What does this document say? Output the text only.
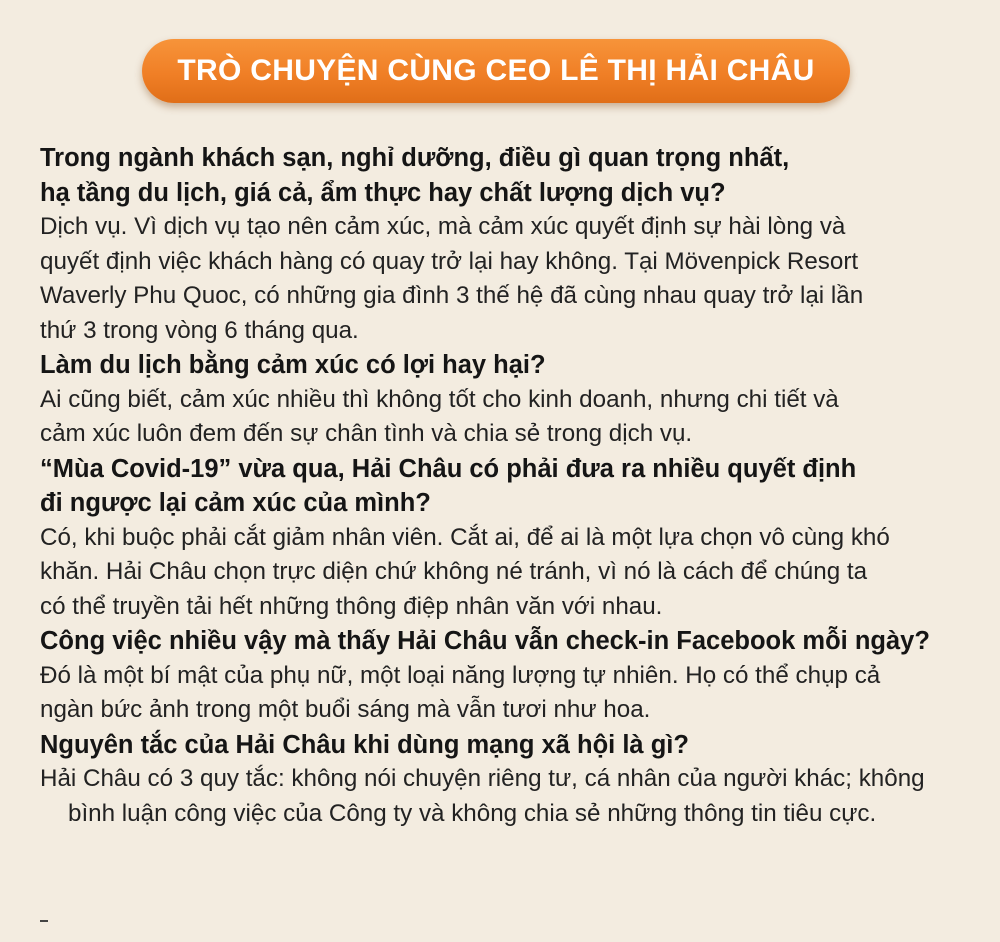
TRÒ CHUYỆN CÙNG CEO LÊ THỊ HẢI CHÂU
Trong ngành khách sạn, nghỉ dưỡng, điều gì quan trọng nhất,
hạ tầng du lịch, giá cả, ẩm thực hay chất lượng dịch vụ?
Dịch vụ. Vì dịch vụ tạo nên cảm xúc, mà cảm xúc quyết định sự hài lòng và
quyết định việc khách hàng có quay trở lại hay không. Tại Mövenpick Resort
Waverly Phu Quoc, có những gia đình 3 thế hệ đã cùng nhau quay trở lại lần
thứ 3 trong vòng 6 tháng qua.
Làm du lịch bằng cảm xúc có lợi hay hại?
Ai cũng biết, cảm xúc nhiều thì không tốt cho kinh doanh, nhưng chi tiết và
cảm xúc luôn đem đến sự chân tình và chia sẻ trong dịch vụ.
“Mùa Covid-19” vừa qua, Hải Châu có phải đưa ra nhiều quyết định
đi ngược lại cảm xúc của mình?
Có, khi buộc phải cắt giảm nhân viên. Cắt ai, để ai là một lựa chọn vô cùng khó
khăn. Hải Châu chọn trực diện chứ không né tránh, vì nó là cách để chúng ta
có thể truyền tải hết những thông điệp nhân văn với nhau.
Công việc nhiều vậy mà thấy Hải Châu vẫn check-in Facebook mỗi ngày?
Đó là một bí mật của phụ nữ, một loại năng lượng tự nhiên. Họ có thể chụp cả
ngàn bức ảnh trong một buổi sáng mà vẫn tươi như hoa.
Nguyên tắc của Hải Châu khi dùng mạng xã hội là gì?
Hải Châu có 3 quy tắc: không nói chuyện riêng tư, cá nhân của người khác; không
bình luận công việc của Công ty và không chia sẻ những thông tin tiêu cực.
